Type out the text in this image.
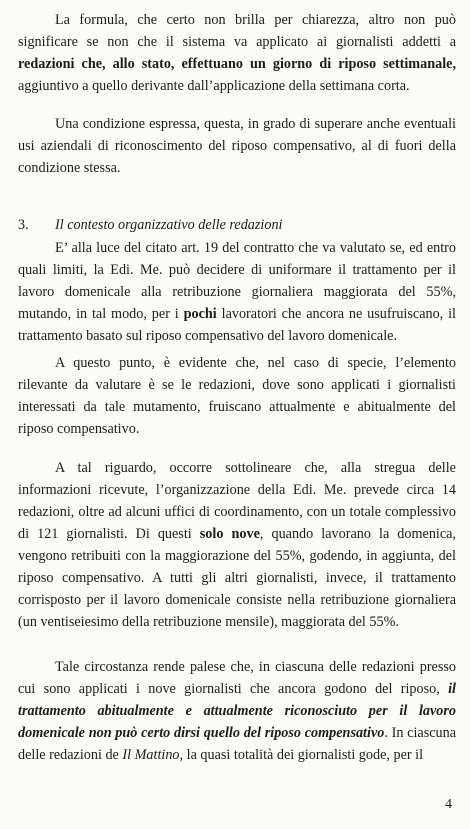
La formula, che certo non brilla per chiarezza, altro non può significare se non che il sistema va applicato ai giornalisti addetti a redazioni che, allo stato, effettuano un giorno di riposo settimanale, aggiuntivo a quello derivante dall’applicazione della settimana corta.

Una condizione espressa, questa, in grado di superare anche eventuali usi aziendali di riconoscimento del riposo compensativo, al di fuori della condizione stessa.

3. Il contesto organizzativo delle redazioni

E’ alla luce del citato art. 19 del contratto che va valutato se, ed entro quali limiti, la Edi. Me. può decidere di uniformare il trattamento per il lavoro domenicale alla retribuzione giornaliera maggiorata del 55%, mutando, in tal modo, per i pochi lavoratori che ancora ne usufruiscano, il trattamento basato sul riposo compensativo del lavoro domenicale.

A questo punto, è evidente che, nel caso di specie, l’elemento rilevante da valutare è se le redazioni, dove sono applicati i giornalisti interessati da tale mutamento, fruiscano attualmente e abitualmente del riposo compensativo.

A tal riguardo, occorre sottolineare che, alla stregua delle informazioni ricevute, l’organizzazione della Edi. Me. prevede circa 14 redazioni, oltre ad alcuni uffici di coordinamento, con un totale complessivo di 121 giornalisti. Di questi solo nove, quando lavorano la domenica, vengono retribuiti con la maggiorazione del 55%, godendo, in aggiunta, del riposo compensativo. A tutti gli altri giornalisti, invece, il trattamento corrisposto per il lavoro domenicale consiste nella retribuzione giornaliera (un ventiseiesimo della retribuzione mensile), maggiorata del 55%.

Tale circostanza rende palese che, in ciascuna delle redazioni presso cui sono applicati i nove giornalisti che ancora godono del riposo, il trattamento abitualmente e attualmente riconosciuto per il lavoro domenicale non può certo dirsi quello del riposo compensativo. In ciascuna delle redazioni de Il Mattino, la quasi totalità dei giornalisti gode, per il

4
